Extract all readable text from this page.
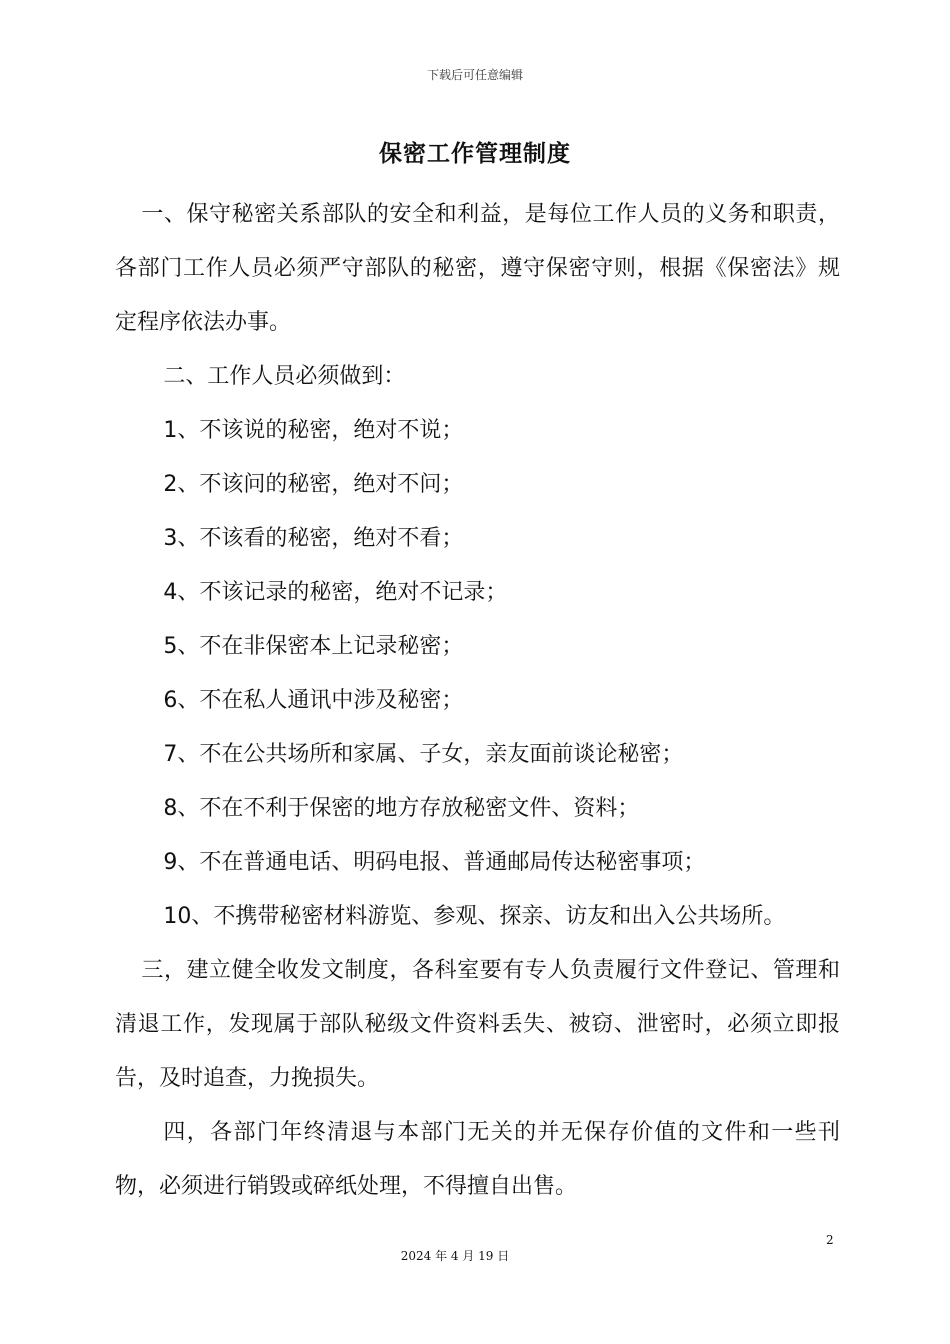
下载后可任意编辑
保密工作管理制度

一、保守秘密关系部队的安全和利益，是每位工作人员的义务和职责，各部门工作人员必须严守部队的秘密，遵守保密守则，根据《保密法》规定程序依法办事。

二、工作人员必须做到：

1、不该说的秘密，绝对不说；

2、不该问的秘密，绝对不问；

3、不该看的秘密，绝对不看；

4、不该记录的秘密，绝对不记录；

5、不在非保密本上记录秘密；

6、不在私人通讯中涉及秘密；

7、不在公共场所和家属、子女，亲友面前谈论秘密；

8、不在不利于保密的地方存放秘密文件、资料；

9、不在普通电话、明码电报、普通邮局传达秘密事项；

10、不携带秘密材料游览、参观、探亲、访友和出入公共场所。

三，建立健全收发文制度，各科室要有专人负责履行文件登记、管理和清退工作，发现属于部队秘级文件资料丢失、被窃、泄密时，必须立即报告，及时追查，力挽损失。

四，各部门年终清退与本部门无关的并无保存价值的文件和一些刊物，必须进行销毁或碎纸处理，不得擅自出售。

2
2024 年 4 月 19 日
